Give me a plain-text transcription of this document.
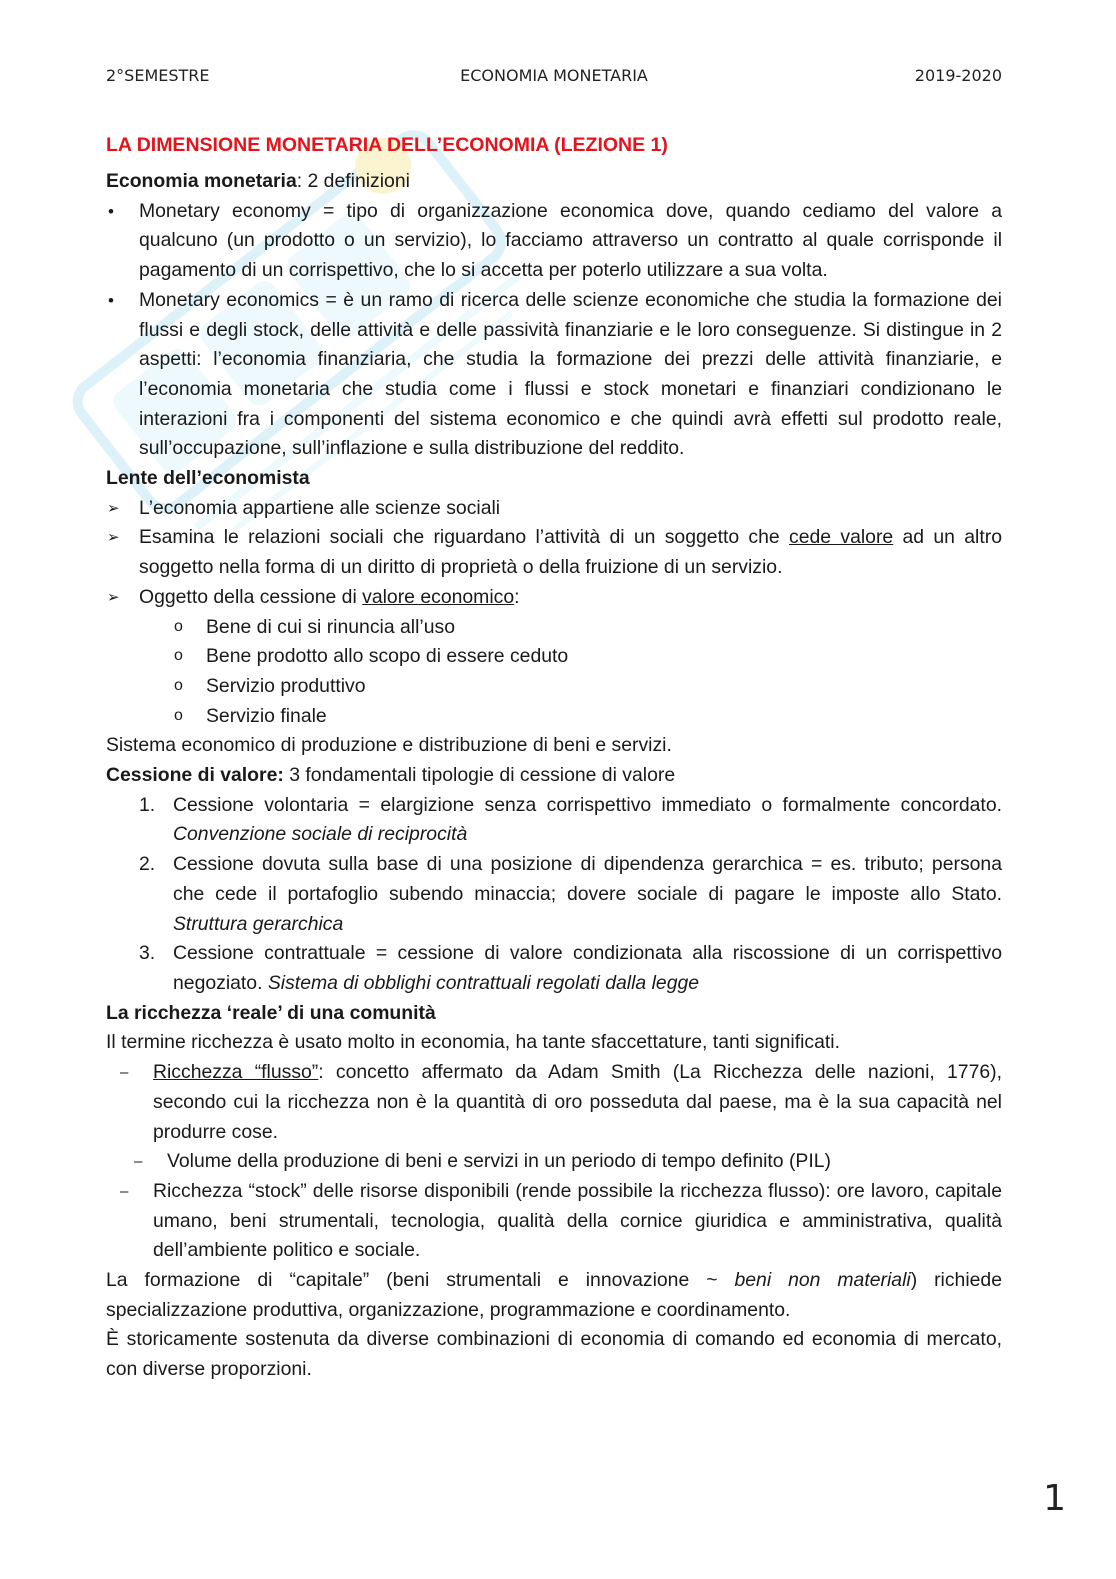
2°SEMESTRE	ECONOMIA MONETARIA	2019-2020

LA DIMENSIONE MONETARIA DELL’ECONOMIA (LEZIONE 1)

Economia monetaria: 2 definizioni

• Monetary economy = tipo di organizzazione economica dove, quando cediamo del valore a qualcuno (un prodotto o un servizio), lo facciamo attraverso un contratto al quale corrisponde il pagamento di un corrispettivo, che lo si accetta per poterlo utilizzare a sua volta.
• Monetary economics = è un ramo di ricerca delle scienze economiche che studia la formazione dei flussi e degli stock, delle attività e delle passività finanziarie e le loro conseguenze. Si distingue in 2 aspetti: l’economia finanziaria, che studia la formazione dei prezzi delle attività finanziarie, e l’economia monetaria che studia come i flussi e stock monetari e finanziari condizionano le interazioni fra i componenti del sistema economico e che quindi avrà effetti sul prodotto reale, sull’occupazione, sull’inflazione e sulla distribuzione del reddito.

Lente dell’economista

➢ L’economia appartiene alle scienze sociali
➢ Esamina le relazioni sociali che riguardano l’attività di un soggetto che cede valore ad un altro soggetto nella forma di un diritto di proprietà o della fruizione di un servizio.
➢ Oggetto della cessione di valore economico:
o Bene di cui si rinuncia all’uso
o Bene prodotto allo scopo di essere ceduto
o Servizio produttivo
o Servizio finale

Sistema economico di produzione e distribuzione di beni e servizi.

Cessione di valore: 3 fondamentali tipologie di cessione di valore

1. Cessione volontaria = elargizione senza corrispettivo immediato o formalmente concordato. Convenzione sociale di reciprocità
2. Cessione dovuta sulla base di una posizione di dipendenza gerarchica = es. tributo; persona che cede il portafoglio subendo minaccia; dovere sociale di pagare le imposte allo Stato. Struttura gerarchica
3. Cessione contrattuale = cessione di valore condizionata alla riscossione di un corrispettivo negoziato. Sistema di obblighi contrattuali regolati dalla legge

La ricchezza ‘reale’ di una comunità

Il termine ricchezza è usato molto in economia, ha tante sfaccettature, tanti significati.

– Ricchezza “flusso”: concetto affermato da Adam Smith (La Ricchezza delle nazioni, 1776), secondo cui la ricchezza non è la quantità di oro posseduta dal paese, ma è la sua capacità nel produrre cose.
– Volume della produzione di beni e servizi in un periodo di tempo definito (PIL)
– Ricchezza “stock” delle risorse disponibili (rende possibile la ricchezza flusso): ore lavoro, capitale umano, beni strumentali, tecnologia, qualità della cornice giuridica e amministrativa, qualità dell’ambiente politico e sociale.

La formazione di “capitale” (beni strumentali e innovazione ~ beni non materiali) richiede specializzazione produttiva, organizzazione, programmazione e coordinamento.

È storicamente sostenuta da diverse combinazioni di economia di comando ed economia di mercato, con diverse proporzioni.

1
